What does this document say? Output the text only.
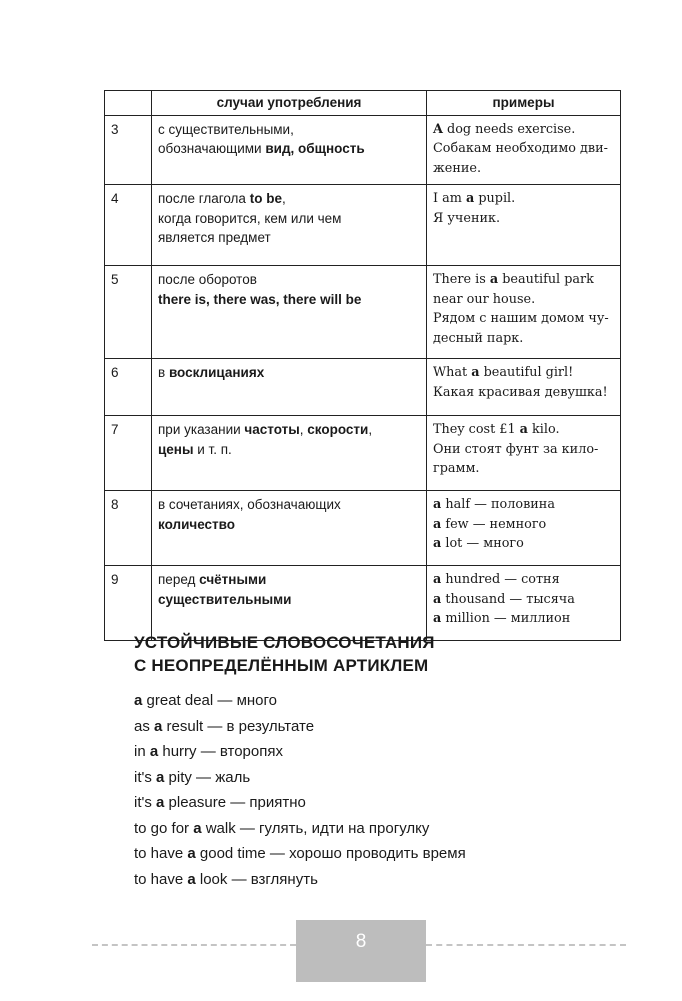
	случаи употребления	примеры
3	с существительными,
обозначающими вид, общность	A dog needs exercise.
Собакам необходимо дви-
жение.

4	после глагола to be,
когда говорится, кем или чем
является предмет	I am a pupil.
Я ученик.

5	после оборотов
there is, there was, there will be	There is a beautiful park
near our house.
Рядом с нашим домом чу-
десный парк.

6	в восклицаниях	What a beautiful girl!
Какая красивая девушка!

7	при указании частоты, скорости,
цены и т. п.	They cost £1 a kilo.
Они стоят фунт за кило-
грамм.

8	в сочетаниях, обозначающих
количество	a half — половина
a few — немного
a lot — много

9	перед счётными
существительными	a hundred — сотня
a thousand — тысяча
a million — миллион
УСТОЙЧИВЫЕ СЛОВОСОЧЕТАНИЯ
С НЕОПРЕДЕЛЁННЫМ АРТИКЛЕМ
a great deal — много
as a result — в результате
in a hurry — второпях
it's a pity — жаль
it's a pleasure — приятно
to go for a walk — гулять, идти на прогулку
to have a good time — хорошо проводить время
to have a look — взглянуть
8
